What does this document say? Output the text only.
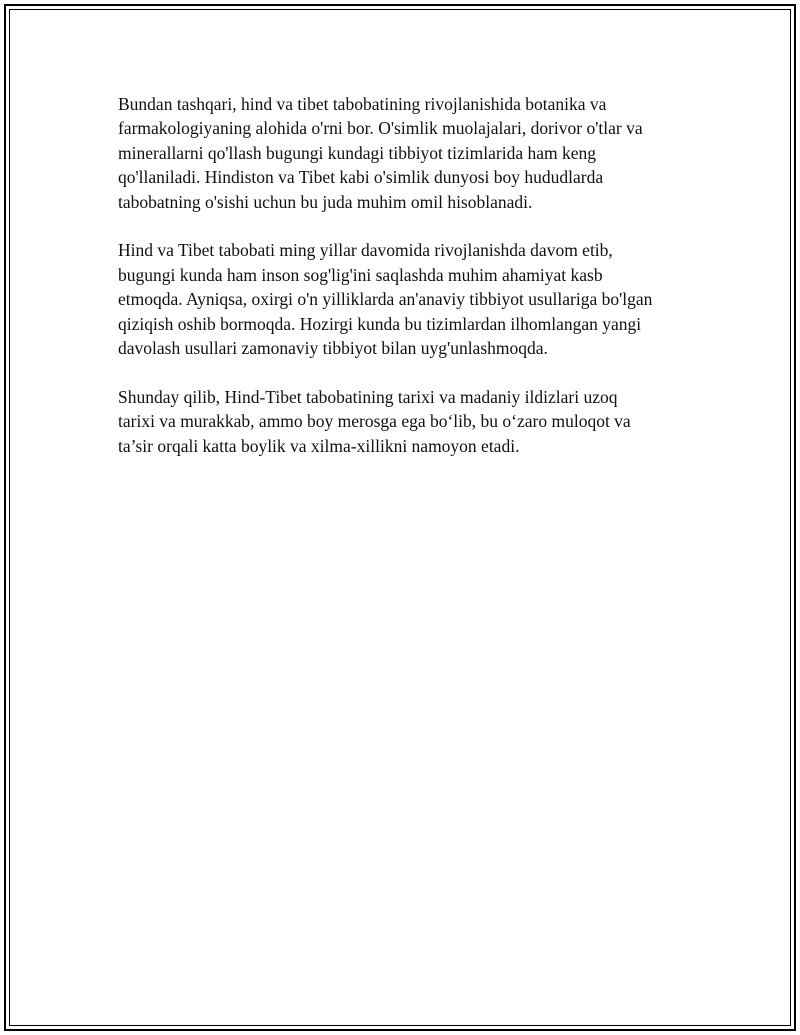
Bundan tashqari, hind va tibet tabobatining rivojlanishida botanika va
farmakologiyaning alohida o'rni bor. O'simlik muolajalari, dorivor o'tlar va
minerallarni qo'llash bugungi kundagi tibbiyot tizimlarida ham keng
qo'llaniladi. Hindiston va Tibet kabi o'simlik dunyosi boy hududlarda
tabobatning o'sishi uchun bu juda muhim omil hisoblanadi.

Hind va Tibet tabobati ming yillar davomida rivojlanishda davom etib,
bugungi kunda ham inson sog'lig'ini saqlashda muhim ahamiyat kasb
etmoqda. Ayniqsa, oxirgi o'n yilliklarda an'anaviy tibbiyot usullariga bo'lgan
qiziqish oshib bormoqda. Hozirgi kunda bu tizimlardan ilhomlangan yangi
davolash usullari zamonaviy tibbiyot bilan uyg'unlashmoqda.

Shunday qilib, Hind-Tibet tabobatining tarixi va madaniy ildizlari uzoq
tarixi va murakkab, ammo boy merosga ega bo‘lib, bu o‘zaro muloqot va
ta’sir orqali katta boylik va xilma-xillikni namoyon etadi.
